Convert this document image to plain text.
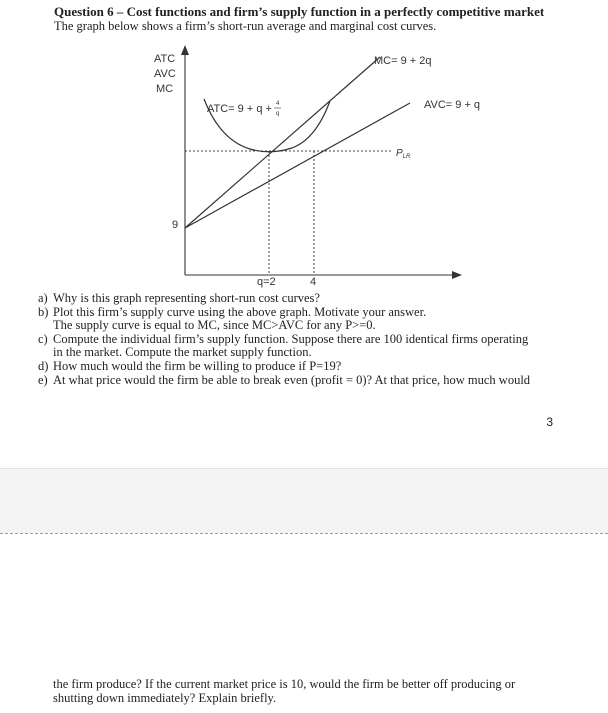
Question 6 – Cost functions and firm’s supply function in a perfectly competitive market
The graph below shows a firm’s short-run average and marginal cost curves.
ATC
AVC
MC
MC= 9 + 2q
AVC= 9 + q
ATC= 9 + q + 4
q
$P_{LR}$
9
q=2	4
a) Why is this graph representing short-run cost curves?
b) Plot this firm’s supply curve using the above graph. Motivate your answer.
The supply curve is equal to MC, since MC>AVC for any P>=0.
c) Compute the individual firm’s supply function. Suppose there are 100 identical firms operating
in the market. Compute the market supply function.
d) How much would the firm be willing to produce if P=19?
e) At what price would the firm be able to break even (profit = 0)? At that price, how much would
3
the firm produce? If the current market price is 10, would the firm be better off producing or
shutting down immediately? Explain briefly.
